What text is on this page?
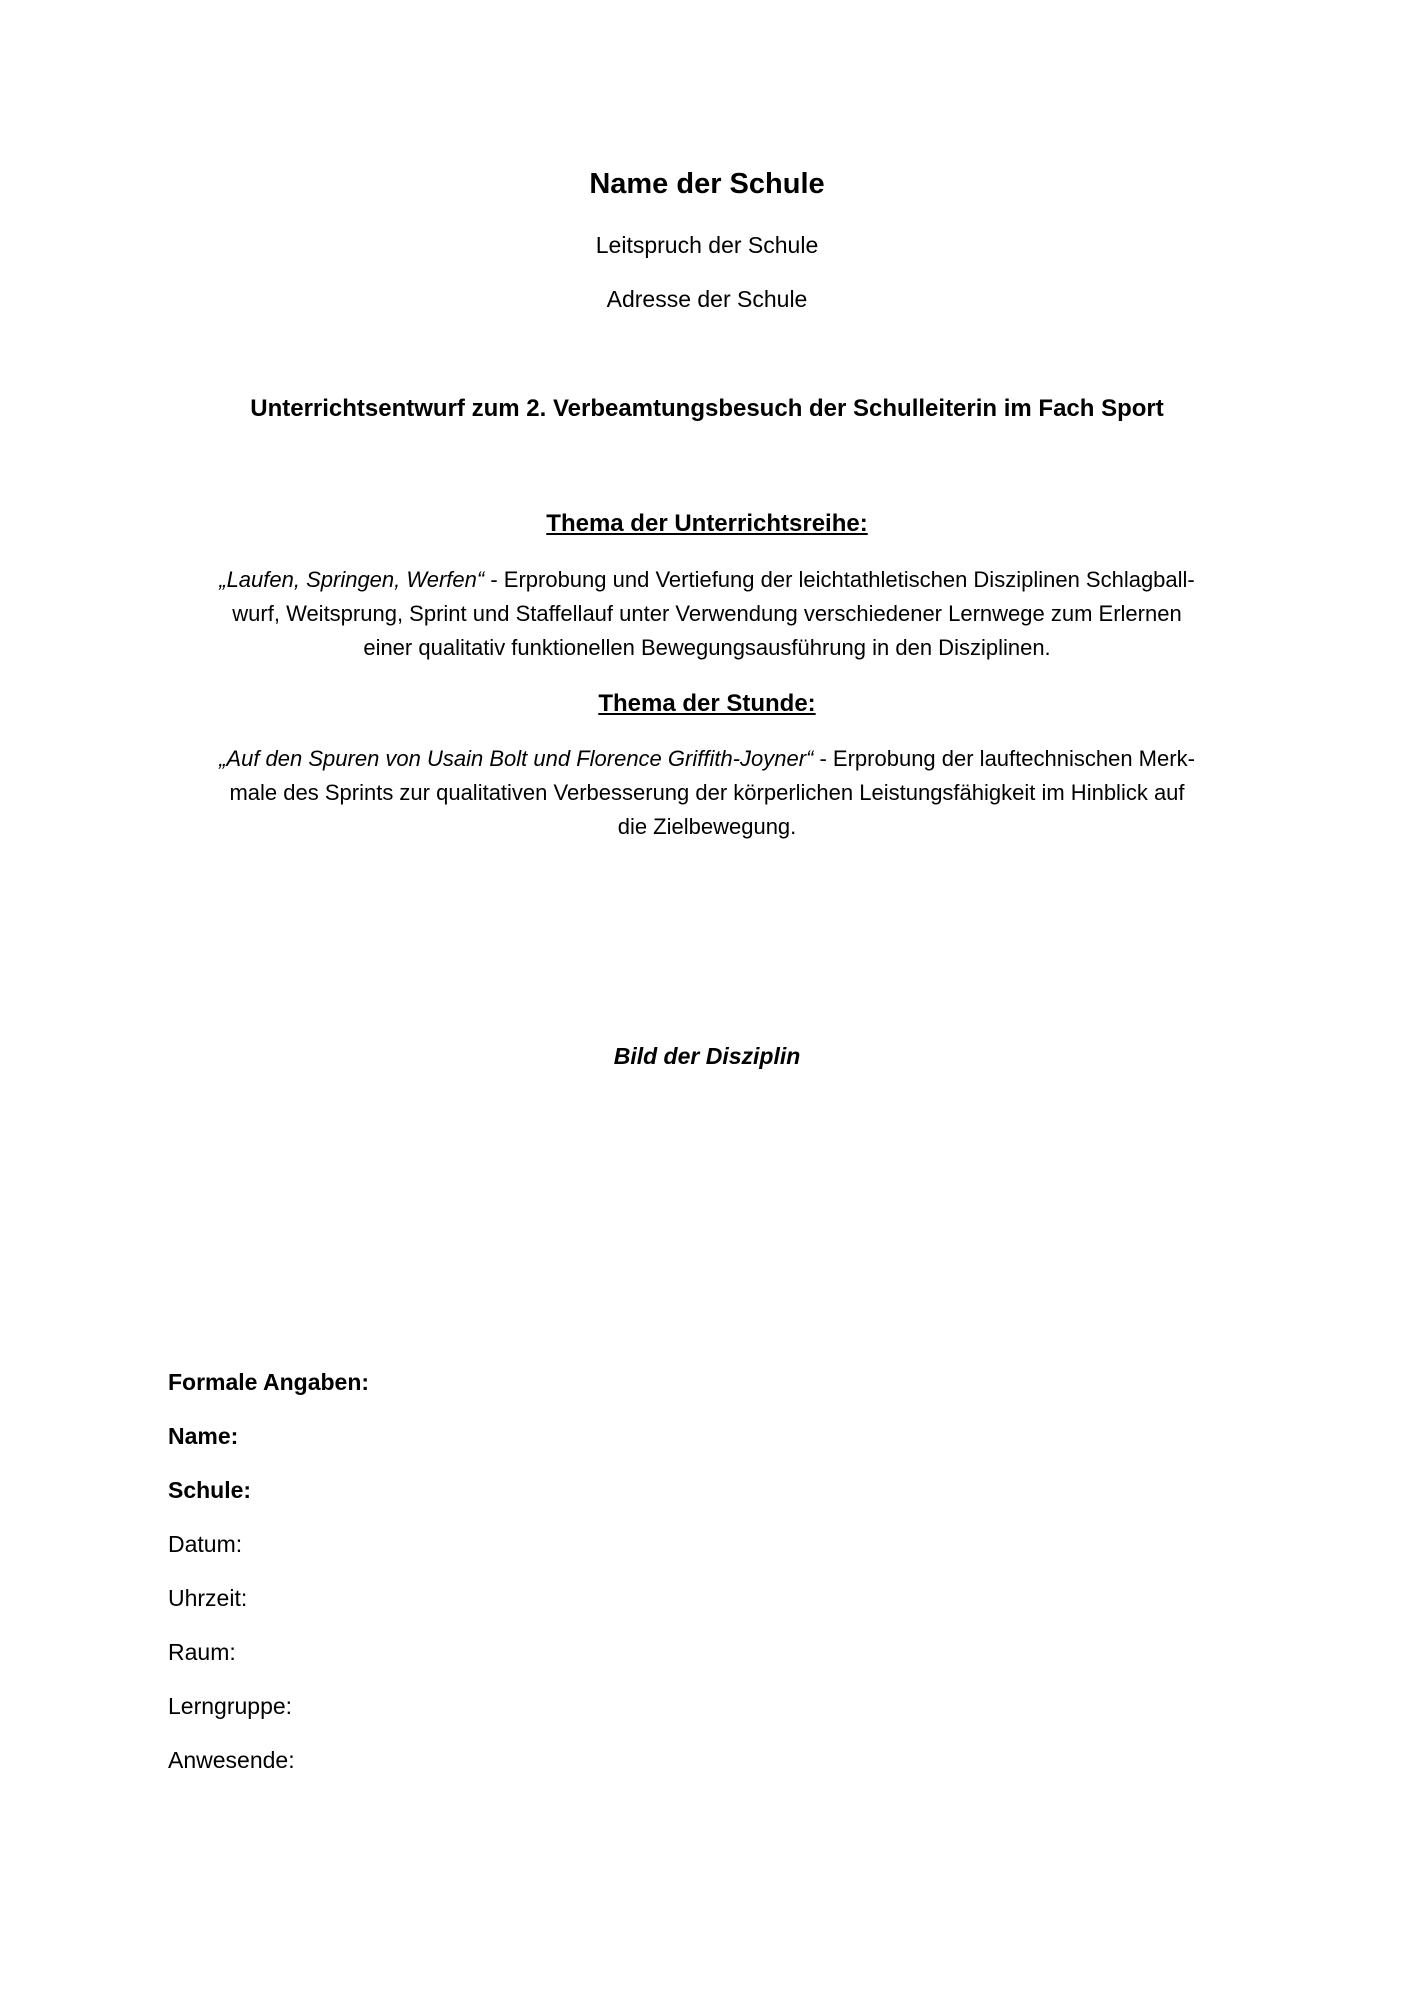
Name der Schule
Leitspruch der Schule
Adresse der Schule
Unterrichtsentwurf zum 2. Verbeamtungsbesuch der Schulleiterin im Fach Sport
Thema der Unterrichtsreihe:
„Laufen, Springen, Werfen“ - Erprobung und Vertiefung der leichtathletischen Disziplinen Schlagball-
wurf, Weitsprung, Sprint und Staffellauf unter Verwendung verschiedener Lernwege zum Erlernen
einer qualitativ funktionellen Bewegungsausführung in den Disziplinen.
Thema der Stunde:
„Auf den Spuren von Usain Bolt und Florence Griffith-Joyner“ - Erprobung der lauftechnischen Merk-
male des Sprints zur qualitativen Verbesserung der körperlichen Leistungsfähigkeit im Hinblick auf
die Zielbewegung.
Bild der Disziplin
Formale Angaben:
Name:
Schule:
Datum:
Uhrzeit:
Raum:
Lerngruppe:
Anwesende:
